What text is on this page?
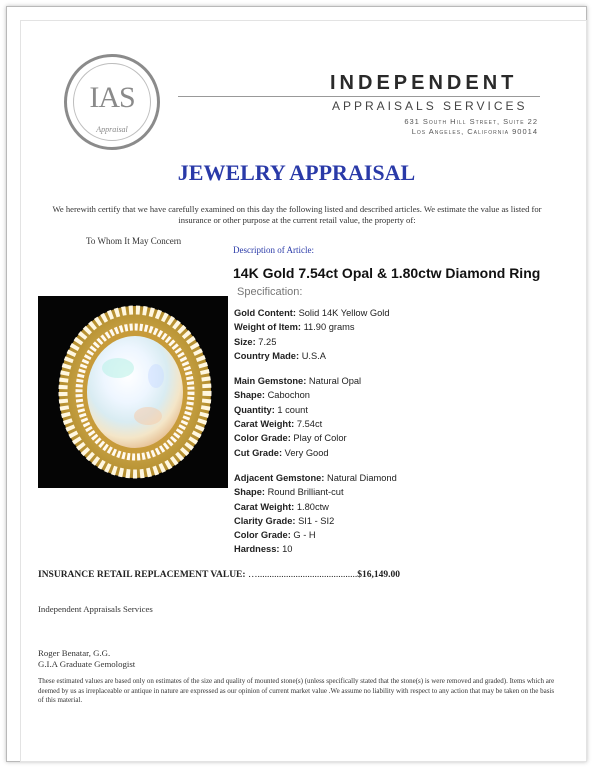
IAS
Appraisal
INDEPENDENT
APPRAISALS SERVICES
631 South Hill Street, Suite 22
Los Angeles, California 90014
JEWELRY APPRAISAL
We herewith certify that we have carefully examined on this day the following listed and described articles. We estimate the value as listed for insurance or other purpose at the current retail value, the property of:
To Whom It May Concern
Description of Article:
14K Gold 7.54ct Opal & 1.80ctw Diamond Ring
Specification:
Gold Content: Solid 14K Yellow Gold
Weight of Item: 11.90 grams
Size: 7.25
Country Made: U.S.A
Main Gemstone: Natural Opal
Shape: Cabochon
Quantity: 1 count
Carat Weight: 7.54ct
Color Grade: Play of Color
Cut Grade: Very Good
Adjacent Gemstone: Natural Diamond
Shape: Round Brilliant-cut
Carat Weight: 1.80ctw
Clarity Grade: SI1 - SI2
Color Grade: G - H
Hardness: 10
INSURANCE RETAIL REPLACEMENT VALUE: …..........................................$16,149.00
Independent Appraisals Services
Roger Benatar, G.G.
G.I.A Graduate Gemologist
These estimated values are based only on estimates of the size and quality of mounted stone(s) (unless specifically stated that the stone(s) is were removed and graded). Items which are deemed by us as irreplaceable or antique in nature are expressed as our opinion of current market value .We assume no liability with respect to any action that may be taken on the basis of this material.
